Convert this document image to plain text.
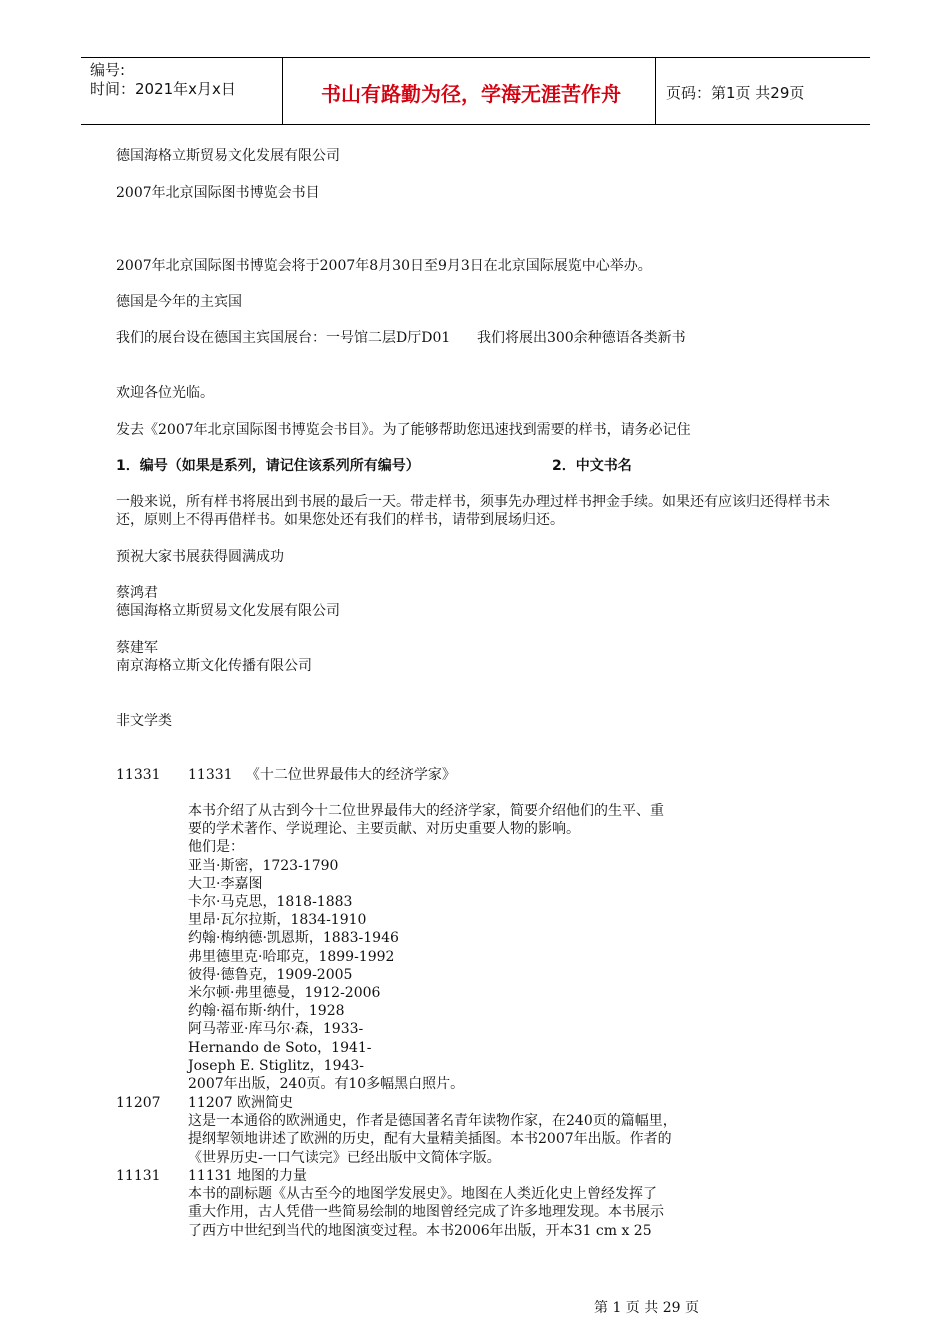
编号:
时间：2021年x月x日	书山有路勤为径，学海无涯苦作舟	页码：第1页 共29页
德国海格立斯贸易文化发展有限公司
2007年北京国际图书博览会书目
2007年北京国际图书博览会将于2007年8月30日至9月3日在北京国际展览中心举办。
德国是今年的主宾国
我们的展台设在德国主宾国展台：一号馆二层D厅D01      我们将展出300余种德语各类新书
欢迎各位光临。
发去《2007年北京国际图书博览会书目》。为了能够帮助您迅速找到需要的样书，请务必记住
1．编号（如果是系列，请记住该系列所有编号）	2．中文书名
一般来说，所有样书将展出到书展的最后一天。带走样书，须事先办理过样书押金手续。如果还有应该归还得样书未还，原则上不得再借样书。如果您处还有我们的样书，请带到展场归还。
预祝大家书展获得圆满成功
蔡鸿君
德国海格立斯贸易文化发展有限公司
蔡建军
南京海格立斯文化传播有限公司
非文学类
11331 11331   《十二位世界最伟大的经济学家》
本书介绍了从古到今十二位世界最伟大的经济学家，简要介绍他们的生平、重
要的学术著作、学说理论、主要贡献、对历史重要人物的影响。
他们是：
亚当·斯密，1723-1790
大卫·李嘉图
卡尔·马克思，1818-1883
里昂·瓦尔拉斯，1834-1910
约翰·梅纳德·凯恩斯，1883-1946
弗里德里克·哈耶克，1899-1992
彼得·德鲁克，1909-2005
米尔顿·弗里德曼，1912-2006
约翰·福布斯·纳什，1928
阿马蒂亚·库马尔·森，1933-
Hernando de Soto，1941-
Joseph E. Stiglitz，1943-
2007年出版，240页。有10多幅黑白照片。
11207 11207 欧洲简史
这是一本通俗的欧洲通史，作者是德国著名青年读物作家，在240页的篇幅里，
提纲挈领地讲述了欧洲的历史，配有大量精美插图。本书2007年出版。作者的
《世界历史-一口气读完》已经出版中文简体字版。
11131 11131 地图的力量
本书的副标题《从古至今的地图学发展史》。地图在人类近化史上曾经发挥了
重大作用，古人凭借一些简易绘制的地图曾经完成了许多地理发现。本书展示
了西方中世纪到当代的地图演变过程。本书2006年出版，开本31 cm x 25
第 1 页 共 29 页
